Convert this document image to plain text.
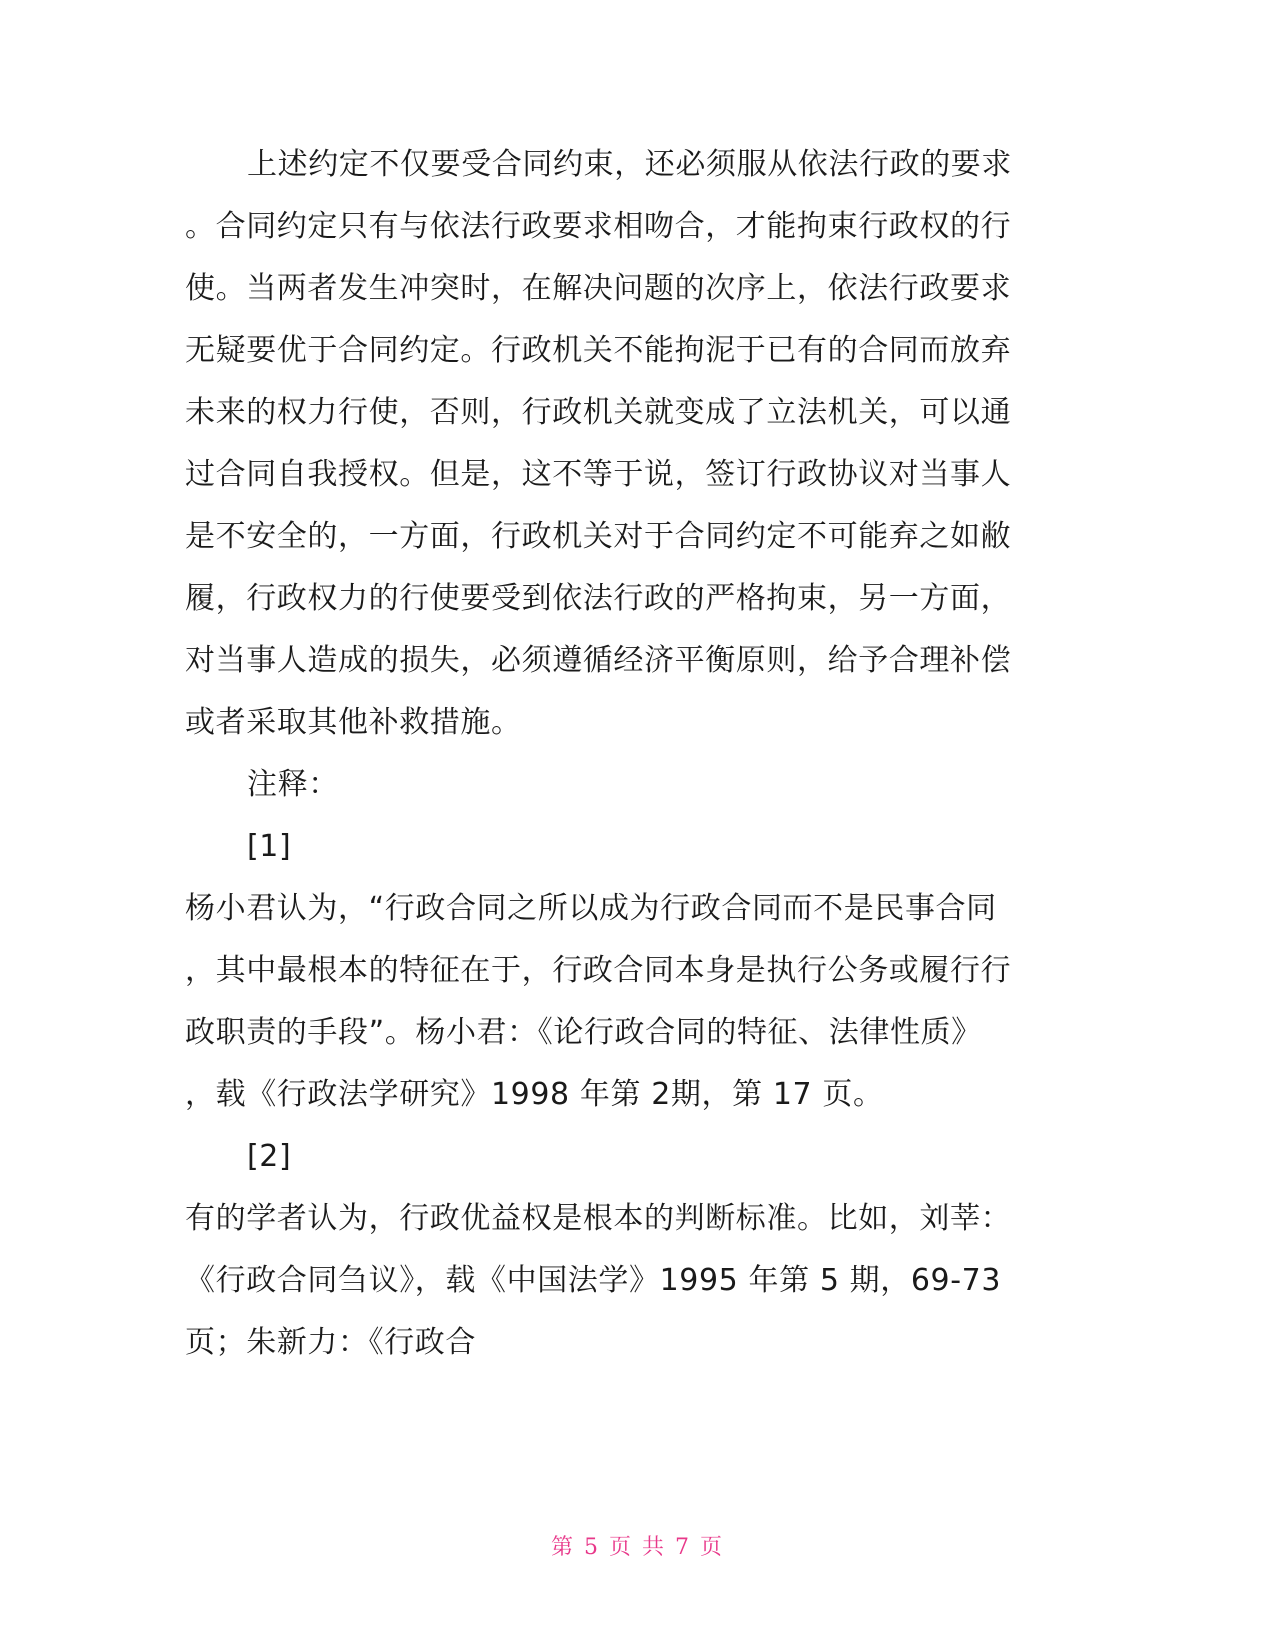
上述约定不仅要受合同约束，还必须服从依法行政的要求
。合同约定只有与依法行政要求相吻合，才能拘束行政权的行
使。当两者发生冲突时，在解决问题的次序上，依法行政要求
无疑要优于合同约定。行政机关不能拘泥于已有的合同而放弃
未来的权力行使，否则，行政机关就变成了立法机关，可以通
过合同自我授权。但是，这不等于说，签订行政协议对当事人
是不安全的，一方面，行政机关对于合同约定不可能弃之如敝
履，行政权力的行使要受到依法行政的严格拘束，另一方面，
对当事人造成的损失，必须遵循经济平衡原则，给予合理补偿
或者采取其他补救措施。
注释：
[1]
杨小君认为，“行政合同之所以成为行政合同而不是民事合同
，其中最根本的特征在于，行政合同本身是执行公务或履行行
政职责的手段”。杨小君：《论行政合同的特征、法律性质》
，载《行政法学研究》1998 年第 2期，第 17 页。
[2]
有的学者认为，行政优益权是根本的判断标准。比如，刘莘：
《行政合同刍议》，载《中国法学》1995 年第 5 期，69-73
页；朱新力：《行政合
第 5 页 共 7 页
